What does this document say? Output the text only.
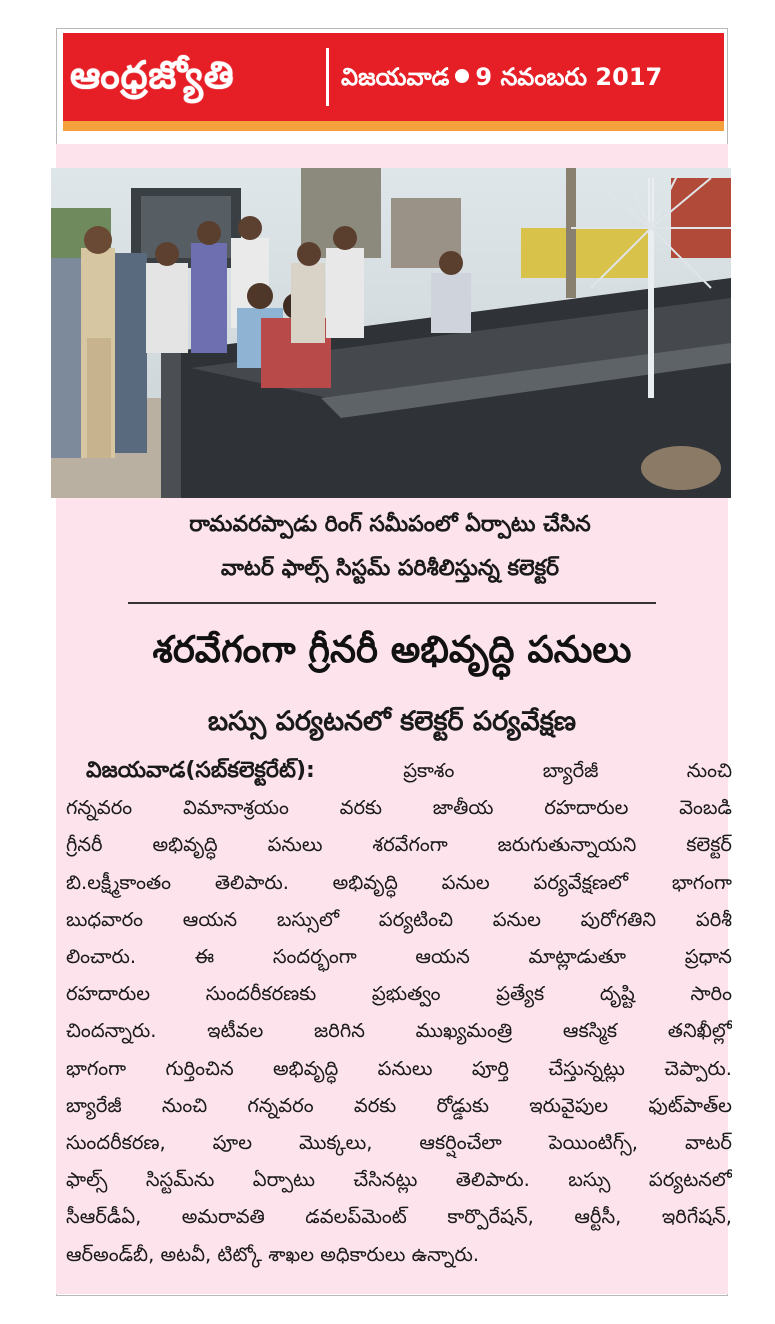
ఆంధ్రజ్యోతి	విజయవాడ 9 నవంబరు 2017
రామవరప్పాడు రింగ్ సమీపంలో ఏర్పాటు చేసిన
వాటర్ ఫాల్స్ సిస్టమ్ పరిశీలిస్తున్న కలెక్టర్
శరవేగంగా గ్రీనరీ అభివృద్ధి పనులు
బస్సు పర్యటనలో కలెక్టర్ పర్యవేక్షణ
విజయవాడ(సబ్‌కలెక్టరేట్):	ప్రకాశం బ్యారేజీ నుంచి
గన్నవరం విమానాశ్రయం వరకు జాతీయ రహదారుల వెంబడి
గ్రీనరీ అభివృద్ధి పనులు శరవేగంగా జరుగుతున్నాయని కలెక్టర్
బి.లక్ష్మీకాంతం తెలిపారు. అభివృద్ధి పనుల పర్యవేక్షణలో భాగంగా
బుధవారం ఆయన బస్సులో పర్యటించి పనుల పురోగతిని పరిశీ
లించారు. ఈ సందర్భంగా ఆయన మాట్లాడుతూ ప్రధాన
రహదారుల సుందరీకరణకు ప్రభుత్వం ప్రత్యేక దృష్టి సారిం
చిందన్నారు. ఇటీవల జరిగిన ముఖ్యమంత్రి ఆకస్మిక తనిఖీల్లో
భాగంగా గుర్తించిన అభివృద్ధి పనులు పూర్తి చేస్తున్నట్లు చెప్పారు.
బ్యారేజీ నుంచి గన్నవరం వరకు రోడ్డుకు ఇరువైపుల ఫుట్‌పాత్‌ల
సుందరీకరణ, పూల మొక్కలు, ఆకర్షించేలా పెయింటిగ్స్, వాటర్
ఫాల్స్ సిస్టమ్‌ను ఏర్పాటు చేసినట్లు తెలిపారు. బస్సు పర్యటనలో
సీఆర్‌డీఏ, అమరావతి డవలప్‌మెంట్ కార్పొరేషన్, ఆర్టీసీ, ఇరిగేషన్,
ఆర్‌అండ్‌బీ, అటవీ, టిట్కో శాఖల అధికారులు ఉన్నారు.
